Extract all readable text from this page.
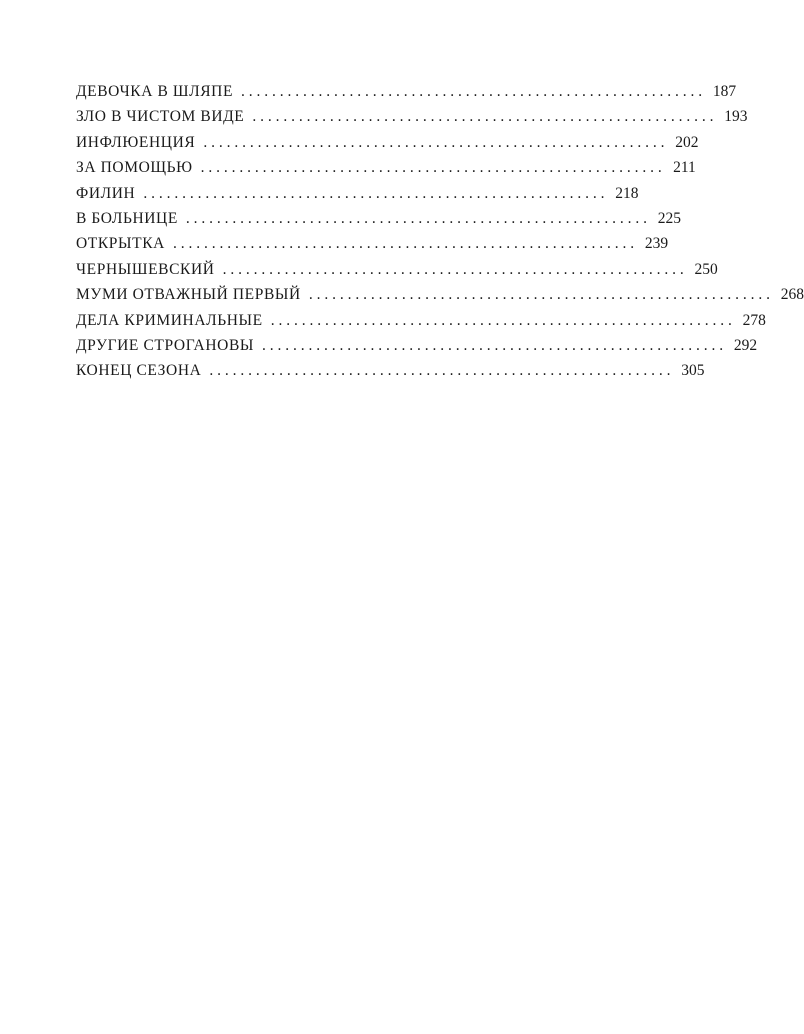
ДЕВОЧКА В ШЛЯПЕ . . . . . . . . . . . . . . . . . . . . . . . . . . . . . . . . . . . . . . . . . . . . . . . . . . . . . . . . . . . . 187
ЗЛО В ЧИСТОМ ВИДЕ . . . . . . . . . . . . . . . . . . . . . . . . . . . . . . . . . . . . . . . . . . . . . . . . . . . . . . . . . . . . 193
ИНФЛЮЕНЦИЯ . . . . . . . . . . . . . . . . . . . . . . . . . . . . . . . . . . . . . . . . . . . . . . . . . . . . . . . . . . . . 202
ЗА ПОМОЩЬЮ . . . . . . . . . . . . . . . . . . . . . . . . . . . . . . . . . . . . . . . . . . . . . . . . . . . . . . . . . . . . 211
ФИЛИН . . . . . . . . . . . . . . . . . . . . . . . . . . . . . . . . . . . . . . . . . . . . . . . . . . . . . . . . . . . . 218
В БОЛЬНИЦЕ . . . . . . . . . . . . . . . . . . . . . . . . . . . . . . . . . . . . . . . . . . . . . . . . . . . . . . . . . . . . 225
ОТКРЫТКА . . . . . . . . . . . . . . . . . . . . . . . . . . . . . . . . . . . . . . . . . . . . . . . . . . . . . . . . . . . . 239
ЧЕРНЫШЕВСКИЙ . . . . . . . . . . . . . . . . . . . . . . . . . . . . . . . . . . . . . . . . . . . . . . . . . . . . . . . . . . . . 250
МУМИ ОТВАЖНЫЙ ПЕРВЫЙ . . . . . . . . . . . . . . . . . . . . . . . . . . . . . . . . . . . . . . . . . . . . . . . . . . . . . . . . . . . . 268
ДЕЛА КРИМИНАЛЬНЫЕ . . . . . . . . . . . . . . . . . . . . . . . . . . . . . . . . . . . . . . . . . . . . . . . . . . . . . . . . . . . . 278
ДРУГИЕ СТРОГАНОВЫ . . . . . . . . . . . . . . . . . . . . . . . . . . . . . . . . . . . . . . . . . . . . . . . . . . . . . . . . . . . . 292
КОНЕЦ СЕЗОНА . . . . . . . . . . . . . . . . . . . . . . . . . . . . . . . . . . . . . . . . . . . . . . . . . . . . . . . . . . . . 305
